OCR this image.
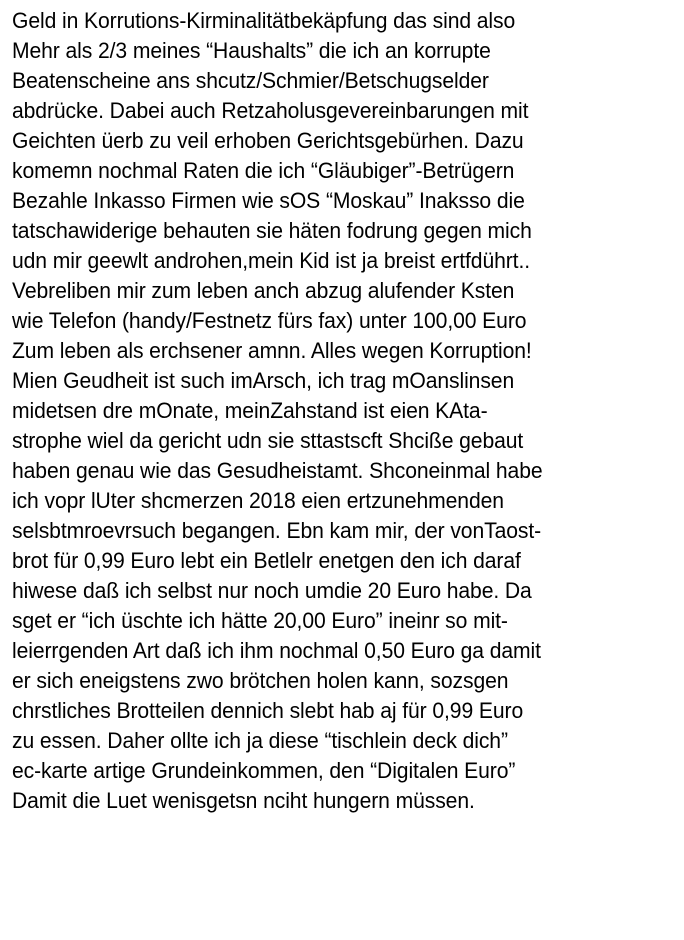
Geld in Korrutions-Kirminalitätbekäpfung das sind also
Mehr als 2/3 meines “Haushalts” die ich an korrupte
Beatenscheine ans shcutz/Schmier/Betschugselder
abdrücke. Dabei auch Retzaholusgevereinbarungen mit
Geichten üerb zu veil erhoben Gerichtsgebürhen. Dazu
komemn nochmal Raten die ich “Gläubiger”-Betrügern
Bezahle Inkasso Firmen wie sOS “Moskau” Inaksso die
tatschawiderige behauten sie häten fodrung gegen mich
udn mir geewlt androhen,mein Kid ist ja breist ertfdührt..
Vebreliben mir zum leben anch abzug alufender Ksten
wie Telefon (handy/Festnetz fürs fax) unter 100,00 Euro
Zum leben als erchsener amnn. Alles wegen Korruption!
Mien Geudheit ist such imArsch, ich trag mOanslinsen
midetsen dre mOnate, meinZahstand ist eien KAta-
strophe wiel da gericht udn sie sttastscft Shciße gebaut
haben genau wie das Gesudheistamt. Shconeinmal habe
ich vopr lUter shcmerzen 2018 eien ertzunehmenden
selsbtmroevrsuch begangen. Ebn kam mir, der vonTaost-
brot für 0,99 Euro lebt ein Betlelr enetgen den ich daraf
hiwese daß ich selbst nur noch umdie 20 Euro habe. Da
sget er “ich üschte ich hätte 20,00 Euro” ineinr so mit-
leierrgenden Art daß ich ihm nochmal 0,50 Euro ga damit
er sich eneigstens zwo brötchen holen kann, sozsgen
chrstliches Brotteilen dennich slebt hab aj für 0,99 Euro
zu essen. Daher ollte ich ja diese “tischlein deck dich”
ec-karte artige Grundeinkommen, den “Digitalen Euro”
Damit die Luet wenisgetsn nciht hungern müssen.
